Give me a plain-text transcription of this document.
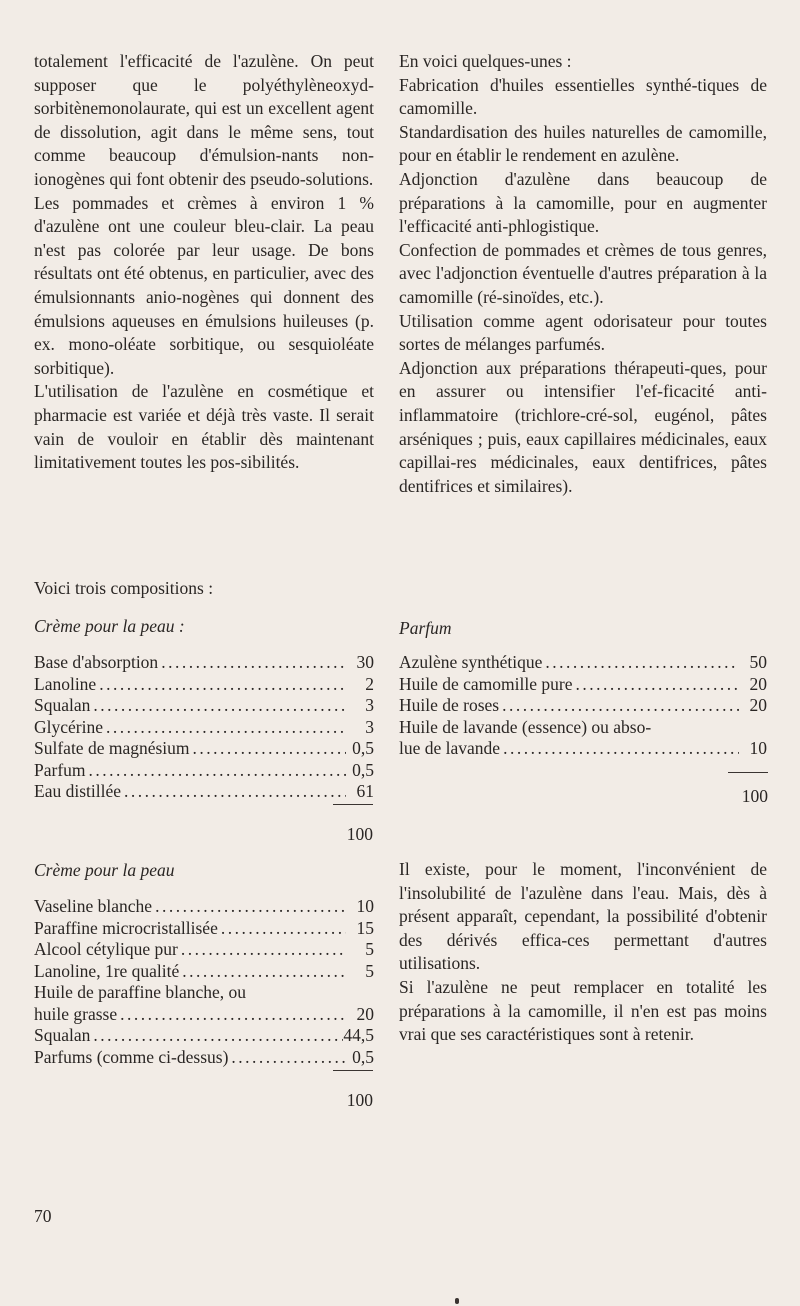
totalement l'efficacité de l'azulène. On peut supposer que le polyéthylèneoxyd-sorbitènemonolaurate, qui est un excellent agent de dissolution, agit dans le même sens, tout comme beaucoup d'émulsion-nants non-ionogènes qui font obtenir des pseudo-solutions.

Les pommades et crèmes à environ 1 % d'azulène ont une couleur bleu-clair. La peau n'est pas colorée par leur usage. De bons résultats ont été obtenus, en particulier, avec des émulsionnants anio-nogènes qui donnent des émulsions aqueuses en émulsions huileuses (p. ex. mono-oléate sorbitique, ou sesquioléate sorbitique).

L'utilisation de l'azulène en cosmétique et pharmacie est variée et déjà très vaste. Il serait vain de vouloir en établir dès maintenant limitativement toutes les pos-sibilités.

En voici quelques-unes :

Fabrication d'huiles essentielles synthé-tiques de camomille.

Standardisation des huiles naturelles de camomille, pour en établir le rendement en azulène.

Adjonction d'azulène dans beaucoup de préparations à la camomille, pour en augmenter l'efficacité anti-phlogistique.

Confection de pommades et crèmes de tous genres, avec l'adjonction éventuelle d'autres préparation à la camomille (ré-sinoïdes, etc.).

Utilisation comme agent odorisateur pour toutes sortes de mélanges parfumés.

Adjonction aux préparations thérapeuti-ques, pour en assurer ou intensifier l'ef-ficacité anti-inflammatoire (trichlore-cré-sol, eugénol, pâtes arséniques ; puis, eaux capillaires médicinales, eaux capillai-res médicinales, eaux dentifrices, pâtes dentifrices et similaires).

Voici trois compositions :
Crème pour la peau :
Base d'absorption .....	30
Lanoline .....	2
Squalan .....	3
Glycérine .....	3
Sulfate de magnésium .....	0,5
Parfum .....	0,5
Eau distillée .....	61
100
Crème pour la peau
Vaseline blanche .....	10
Paraffine microcristallisée .....	15
Alcool cétylique pur .....	5
Lanoline, 1re qualité .....	5
Huile de paraffine blanche, ou
huile grasse .....	20
Squalan .....	44,5
Parfums (comme ci-dessus) .....	0,5
100
Parfum
Azulène synthétique .....	50
Huile de camomille pure .....	20
Huile de roses .....	20
Huile de lavande (essence) ou abso-
lue de lavande .....	10
100

Il existe, pour le moment, l'inconvénient de l'insolubilité de l'azulène dans l'eau. Mais, dès à présent apparaît, cependant, la possibilité d'obtenir des dérivés effica-ces permettant d'autres utilisations.

Si l'azulène ne peut remplacer en totalité les préparations à la camomille, il n'en est pas moins vrai que ses caractéristiques sont à retenir.

70
